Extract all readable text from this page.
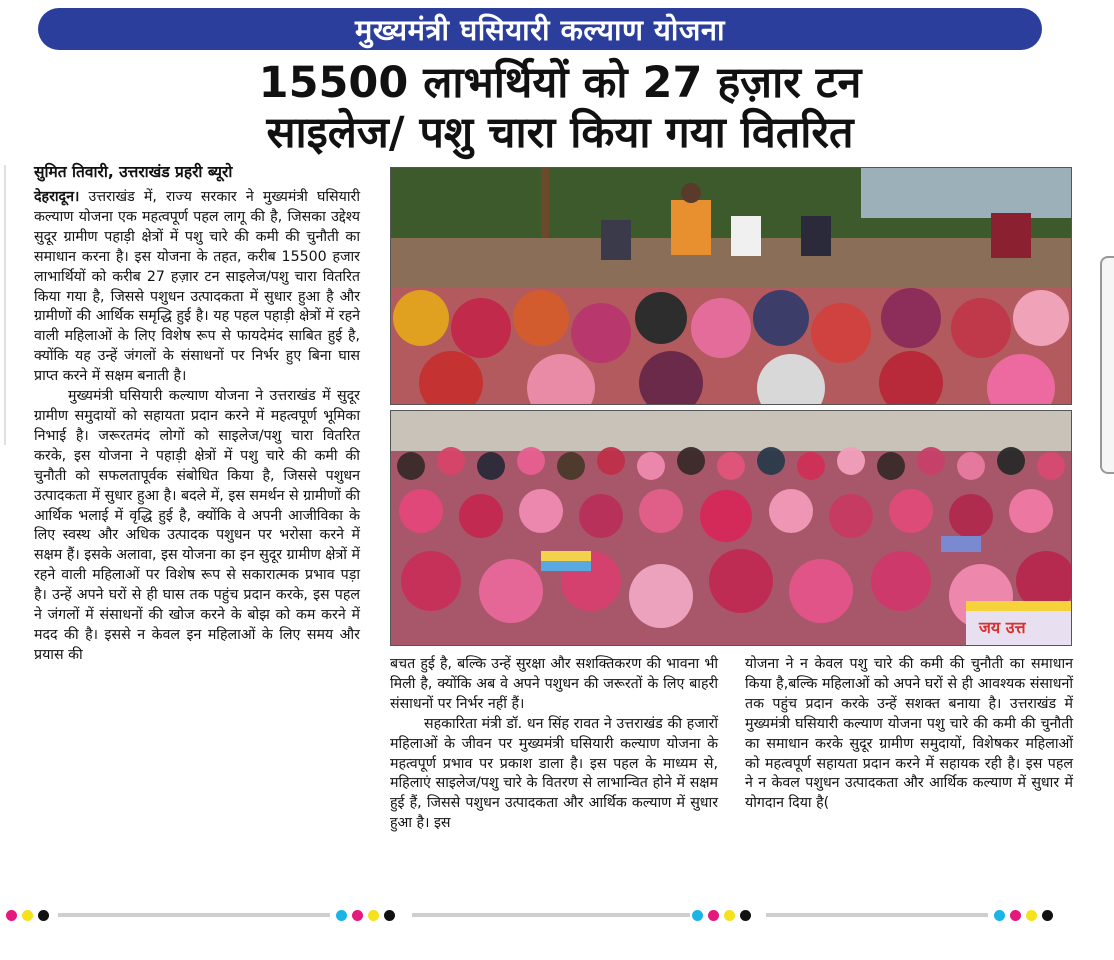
मुख्यमंत्री घसियारी कल्याण योजना
15500 लाभर्थियों को 27 हज़ार टन
साइलेज/ पशु चारा किया गया वितरित
सुमित तिवारी, उत्तराखंड प्रहरी ब्यूरो

देहरादून। उत्तराखंड में, राज्य सरकार ने मुख्यमंत्री घसियारी कल्याण योजना एक महत्वपूर्ण पहल लागू की है, जिसका उद्देश्य सुदूर ग्रामीण पहाड़ी क्षेत्रों में पशु चारे की कमी की चुनौती का समाधान करना है। इस योजना के तहत, करीब 15500 हजार लाभार्थियों को करीब 27 हज़ार टन साइलेज/पशु चारा वितरित किया गया है, जिससे पशुधन उत्पादकता में सुधार हुआ है और ग्रामीणों की आर्थिक समृद्धि हुई है। यह पहल पहाड़ी क्षेत्रों में रहने वाली महिलाओं के लिए विशेष रूप से फायदेमंद साबित हुई है, क्योंकि यह उन्हें जंगलों के संसाधनों पर निर्भर हुए बिना घास प्राप्त करने में सक्षम बनाती है।

मुख्यमंत्री घसियारी कल्याण योजना ने उत्तराखंड में सुदूर ग्रामीण समुदायों को सहायता प्रदान करने में महत्वपूर्ण भूमिका निभाई है। जरूरतमंद लोगों को साइलेज/पशु चारा वितरित करके, इस योजना ने पहाड़ी क्षेत्रों में पशु चारे की कमी की चुनौती को सफलतापूर्वक संबोधित किया है, जिससे पशुधन उत्पादकता में सुधार हुआ है। बदले में, इस समर्थन से ग्रामीणों की आर्थिक भलाई में वृद्धि हुई है, क्योंकि वे अपनी आजीविका के लिए स्वस्थ और अधिक उत्पादक पशुधन पर भरोसा करने में सक्षम हैं। इसके अलावा, इस योजना का इन सुदूर ग्रामीण क्षेत्रों में रहने वाली महिलाओं पर विशेष रूप से सकारात्मक प्रभाव पड़ा है। उन्हें अपने घरों से ही घास तक पहुंच प्रदान करके, इस पहल ने जंगलों में संसाधनों की खोज करने के बोझ को कम करने में मदद की है। इससे न केवल इन महिलाओं के लिए समय और प्रयास की

जय उत्त

बचत हुई है, बल्कि उन्हें सुरक्षा और सशक्तिकरण की भावना भी मिली है, क्योंकि अब वे अपने पशुधन की जरूरतों के लिए बाहरी संसाधनों पर निर्भर नहीं हैं।

सहकारिता मंत्री डॉ. धन सिंह रावत ने उत्तराखंड की हजारों महिलाओं के जीवन पर मुख्यमंत्री घसियारी कल्याण योजना के महत्वपूर्ण प्रभाव पर प्रकाश डाला है। इस पहल के माध्यम से, महिलाएं साइलेज/पशु चारे के वितरण से लाभान्वित होने में सक्षम हुई हैं, जिससे पशुधन उत्पादकता और आर्थिक कल्याण में सुधार हुआ है। इस

योजना ने न केवल पशु चारे की कमी की चुनौती का समाधान किया है,बल्कि महिलाओं को अपने घरों से ही आवश्यक संसाधनों तक पहुंच प्रदान करके उन्हें सशक्त बनाया है। उत्तराखंड में मुख्यमंत्री घसियारी कल्याण योजना पशु चारे की कमी की चुनौती का समाधान करके सुदूर ग्रामीण समुदायों, विशेषकर महिलाओं को महत्वपूर्ण सहायता प्रदान करने में सहायक रही है। इस पहल ने न केवल पशुधन उत्पादकता और आर्थिक कल्याण में सुधार में योगदान दिया है(
